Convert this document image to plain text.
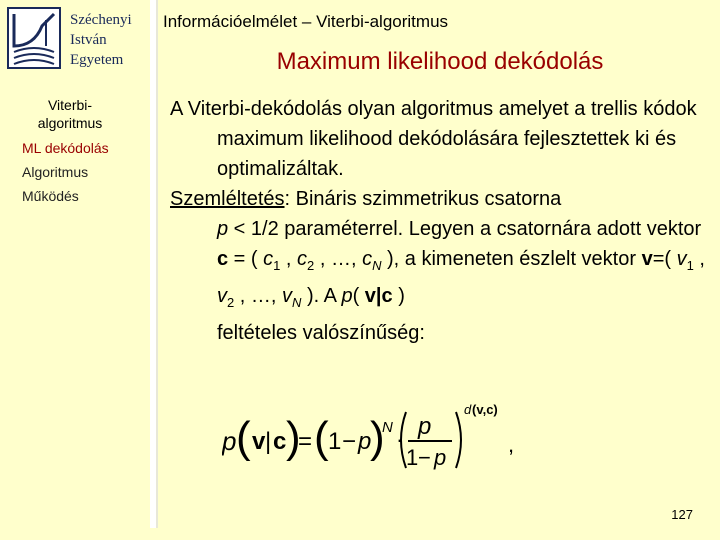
Széchenyi
István
Egyetem
Információelmélet – Viterbi-algoritmus
Maximum likelihood dekódolás
Viterbi-
algoritmus
ML dekódolás
Algoritmus
Működés

A Viterbi-dekódolás olyan algoritmus amelyet a trellis kódok maximum likelihood dekódolására fejlesztettek ki és optimalizáltak.

Szemléltetés: Bináris szimmetrikus csatorna
p < 1/2 paraméterrel. Legyen a csatornára adott vektor
c = ( $c_1$ , $c_2$ , …, $c_N$ ), a kimeneten észlelt vektor v=( $v_1$ , $v_2$ , …, $v_N$ ). A p( v|c )
feltételes valószínűség:

p ( v | c )
= ( 1 − p
)
N · p
1 − p
d (v,c)
,
127
